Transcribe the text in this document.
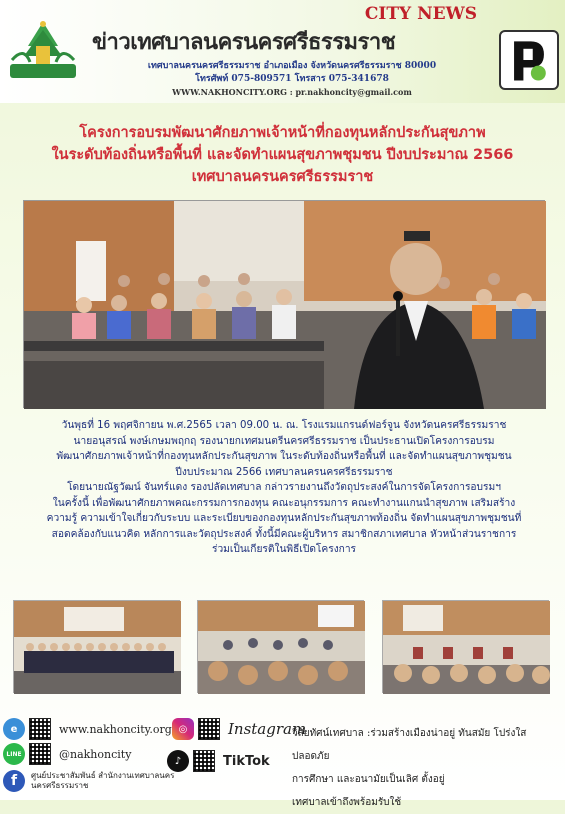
CITY NEWS
ข่าวเทศบาลนครนครศรีธรรมราช
เทศบาลนครนครศรีธรรมราช อำเภอเมือง จังหวัดนครศรีธรรมราช 80000
โทรศัพท์ 075-809571 โทรสาร 075-341678
WWW.NAKHONCITY.ORG : pr.nakhoncity@gmail.com
โครงการอบรมพัฒนาศักยภาพเจ้าหน้าที่กองทุนหลักประกันสุขภาพ
ในระดับท้องถิ่นหรือพื้นที่ และจัดทำแผนสุขภาพชุมชน ปีงบประมาณ 2566
เทศบาลนครนครศรีธรรมราช

วันพุธที่ 16 พฤศจิกายน พ.ศ.2565 เวลา 09.00 น. ณ. โรงแรมแกรนด์ฟอร์จูน จังหวัดนครศรีธรรมราช

นายอนุสรณ์ พงษ์เกษมพฤกฤ รองนายกเทศมนตรีนครศรีธรรมราช เป็นประธานเปิดโครงการอบรม

พัฒนาศักยภาพเจ้าหน้าที่กองทุนหลักประกันสุขภาพ ในระดับท้องถิ่นหรือพื้นที่ และจัดทำแผนสุขภาพชุมชน

ปีงบประมาณ 2566 เทศบาลนครนครศรีธรรมราช

โดยนายณัฐวัฒน์ จันทร์แดง รองปลัดเทศบาล กล่าวรายงานถึงวัตถุประสงค์ในการจัดโครงการอบรมฯ

ในครั้งนี้ เพื่อพัฒนาศักยภาพคณะกรรมการกองทุน คณะอนุกรรมการ คณะทำงานแกนนำสุขภาพ เสริมสร้าง

ความรู้ ความเข้าใจเกี่ยวกับระบบ และระเบียบของกองทุนหลักประกันสุขภาพท้องถิ่น จัดทำแผนสุขภาพชุมชนที่

สอดคล้องกับแนวคิด หลักการและวัตถุประสงค์ ทั้งนี้มีคณะผู้บริหาร สมาชิกสภาเทศบาล หัวหน้าส่วนราชการ

ร่วมเป็นเกียรติในพิธีเปิดโครงการ

e	www.nakhoncity.org ◎	Instagram
LINE	@nakhoncity
♪	TikTok
f ศูนย์ประชาสัมพันธ์ สำนักงานเทศบาลนคร
นครศรีธรรมราช
วิสัยทัศน์เทศบาล :ร่วมสร้างเมืองน่าอยู่ ทันสมัย โปร่งใส ปลอดภัย
การศึกษา และอนามัยเป็นเลิศ ตั้งอยู่
เทศบาลเข้าถึงพร้อมรับใช้
